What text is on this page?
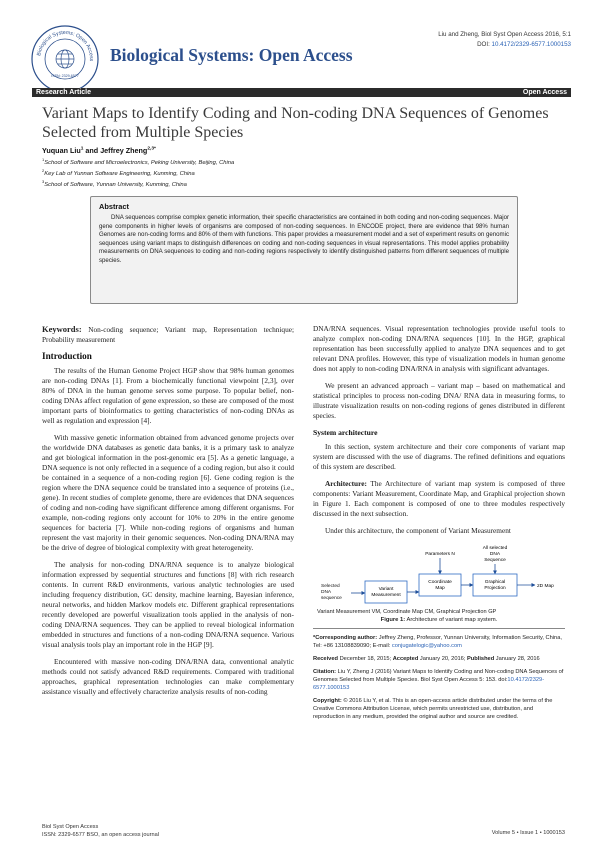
Biological Systems: Open Access
ISSN: 2329-6577
Biological Systems: Open Access
Liu and Zheng, Biol Syst Open Access 2016, 5:1
DOI: 10.4172/2329-6577.1000153
Research Article	Open Access
Variant Maps to Identify Coding and Non-coding DNA Sequences of Genomes Selected from Multiple Species
Yuquan Liu$^1$ and Jeffrey Zheng$^{2,3*}$
$^1$School of Software and Microelectronics, Peking University, Beijing, China
$^2$Key Lab of Yunnan Software Engineering, Kunming, China
$^3$School of Software, Yunnan University, Kunming, China
Abstract
DNA sequences comprise complex genetic information, their specific characteristics are contained in both coding and non-coding sequences. Major gene components in higher levels of organisms are composed of non-coding sequences. In ENCODE project, there are evidence that 98% human Genomes are non-coding forms and 80% of them with functions. This paper provides a measurement model and a set of experiment results on genomic sequences using variant maps to distinguish differences on coding and non-coding sequences in visual representations. This model applies probability measurements on DNA sequences to coding and non-coding regions respectively to identify distinguished patterns from different sequences of multiple species.

Keywords: Non-coding sequence; Variant map, Representation technique; Probability measurement

Introduction

The results of the Human Genome Project HGP show that 98% human genomes are non-coding DNAs [1]. From a biochemically functional viewpoint [2,3], over 80% of DNA in the human genome serves some purpose. To popular belief, non-coding DNAs affect regulation of gene expression, so these are composed of the most important parts of bioinformatics to getting characteristics of non-coding DNAs as well as regulation and expression [4].

With massive genetic information obtained from advanced genome projects over the worldwide DNA databases as genetic data banks, it is a primary task to analyze and get biological information in the post-genomic era [5]. As a genetic language, a DNA sequence is not only reflected in a sequence of a coding region, but also it could be contained in a sequence of a non-coding region [6]. Gene coding region is the region where the DNA sequence could be translated into a sequence of proteins (i.e., gene). In recent studies of complete genome, there are evidences that DNA sequences of coding and non-coding have significant difference among different organisms. For example, non-coding regions only account for 10% to 20% in the entire genome sequences for bacteria [7]. While non-coding regions of organisms and human represent the vast majority in their genomic sequences. Non-coding DNA/RNA may be the drive of degree of biological complexity with great heterogeneity.

The analysis for non-coding DNA/RNA sequence is to analyze biological information expressed by sequential structures and functions [8] with rich research contents. In current R&D environments, various analytic technologies are used including frequency distribution, GC density, machine learning, Bayesian inference, neural networks, and hidden Markov models etc. Different graphical representations recently developed are powerful visualization tools applied in the analysis of non-coding DNA/RNA sequences. They can be applied to reveal biological information embedded in structures and functions of a non-coding DNA/RNA sequence. Various visual analysis tools play an important role in the HGP [9].

Encountered with massive non-coding DNA/RNA data, conventional analytic methods could not satisfy advanced R&D requirements. Compared with traditional approaches, graphical representation technologies can make complementary assistance visually and effectively characterize analysis results of non-coding

DNA/RNA sequences. Visual representation technologies provide useful tools to analyze complex non-coding DNA/RNA sequences [10]. In the HGP, graphical representation has been successfully applied to analyze DNA sequences and to get relevant DNA profiles. However, this type of visualization models in human genome does not apply to non-coding DNA/RNA in analysis with significant advantages.

We present an advanced approach – variant map – based on mathematical and statistical principles to process non-coding DNA/ RNA data in measuring forms, to illustrate visualization results on non-coding regions of genes distributed in different species.

System architecture

In this section, system architecture and their core components of variant map system are discussed with the use of diagrams. The refined definitions and equations of this system are described.

Architecture: The Architecture of variant map system is composed of three components: Variant Measurement, Coordinate Map, and Graphical projection shown in Figure 1. Each component is composed of one to three modules respectively discussed in the next subsection.

Under this architecture, the component of Variant Measurement

Selected
DNA
sequence
Variant
Measurement
Parameters N
Coordinate
Map
All selected
DNA
Sequence
Graphical
Projection	2D Map
Variant Measurement VM, Coordinate Map CM, Graphical Projection GP
Figure 1: Architecture of variant map system.

*Corresponding author: Jeffrey Zheng, Professor, Yunnan University, Information Security, China, Tel: +86 13108839090; E-mail: conjugatelogic@yahoo.com

Received December 18, 2015; Accepted January 20, 2016; Published January 28, 2016

Citation: Liu Y, Zheng J (2016) Variant Maps to Identify Coding and Non-coding DNA Sequences of Genomes Selected from Multiple Species. Biol Syst Open Access 5: 153. doi:10.4172/2329-6577.1000153

Copyright: © 2016 Liu Y, et al. This is an open-access article distributed under the terms of the Creative Commons Attribution License, which permits unrestricted use, distribution, and reproduction in any medium, provided the original author and source are credited.

Biol Syst Open Access
ISSN: 2329-6577 BSO, an open access journal	Volume 5 • Issue 1 • 1000153
